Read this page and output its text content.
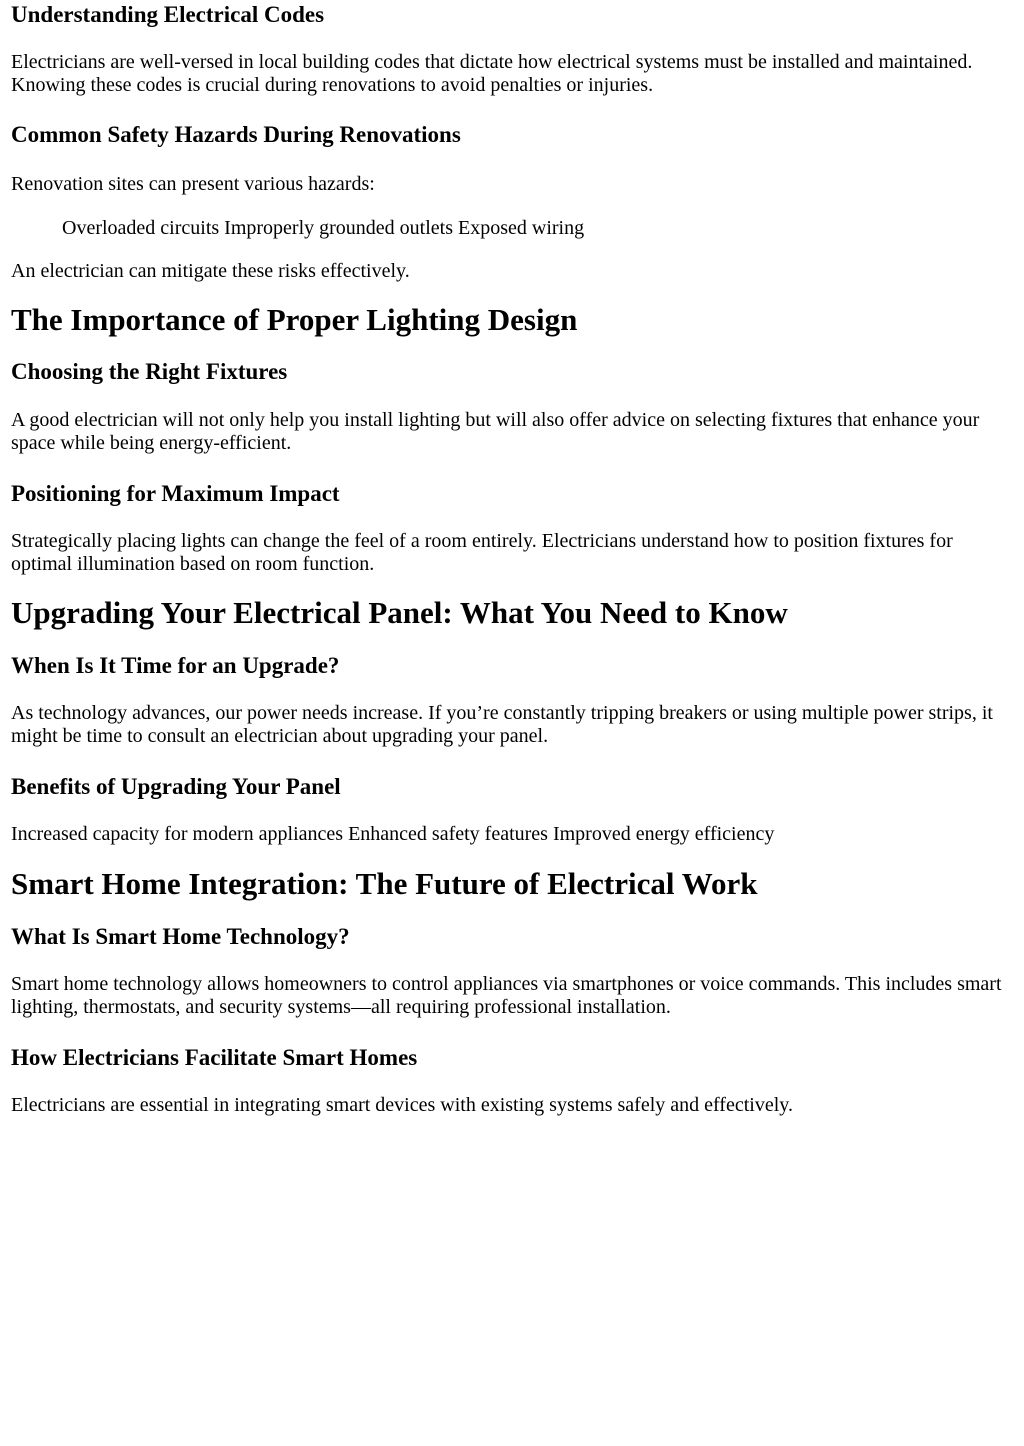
Understanding Electrical Codes

Electricians are well-versed in local building codes that dictate how electrical systems must be installed and maintained. Knowing these codes is crucial during renovations to avoid penalties or injuries.

Common Safety Hazards During Renovations

Renovation sites can present various hazards:

Overloaded circuits Improperly grounded outlets Exposed wiring

An electrician can mitigate these risks effectively.

The Importance of Proper Lighting Design
Choosing the Right Fixtures

A good electrician will not only help you install lighting but will also offer advice on selecting fixtures that enhance your space while being energy-efficient.

Positioning for Maximum Impact

Strategically placing lights can change the feel of a room entirely. Electricians understand how to position fixtures for optimal illumination based on room function.

Upgrading Your Electrical Panel: What You Need to Know
When Is It Time for an Upgrade?

As technology advances, our power needs increase. If you’re constantly tripping breakers or using multiple power strips, it might be time to consult an electrician about upgrading your panel.

Benefits of Upgrading Your Panel

Increased capacity for modern appliances Enhanced safety features Improved energy efficiency

Smart Home Integration: The Future of Electrical Work
What Is Smart Home Technology?

Smart home technology allows homeowners to control appliances via smartphones or voice commands. This includes smart lighting, thermostats, and security systems—all requiring professional installation.

How Electricians Facilitate Smart Homes

Electricians are essential in integrating smart devices with existing systems safely and effectively.
